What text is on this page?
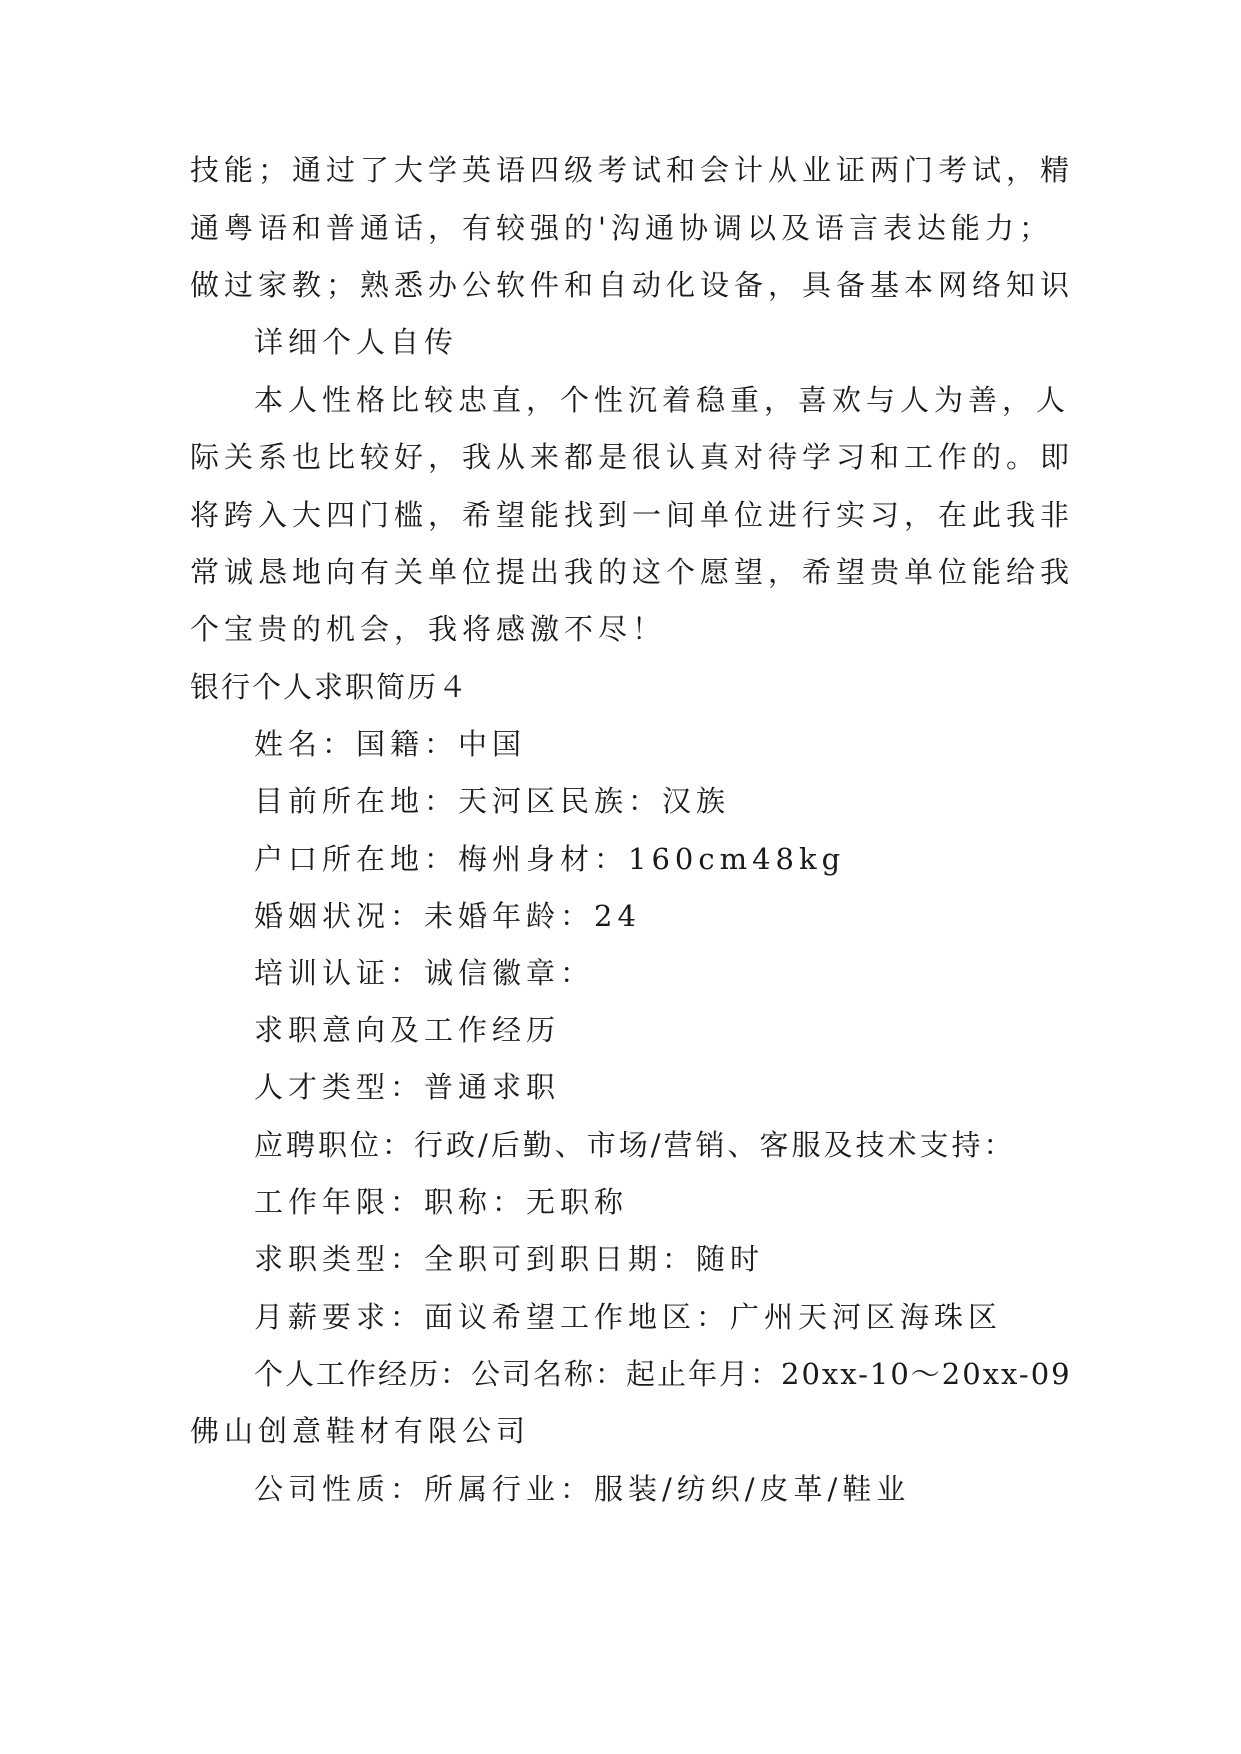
技能；通过了大学英语四级考试和会计从业证两门考试，精
通粤语和普通话，有较强的'沟通协调以及语言表达能力；
做过家教；熟悉办公软件和自动化设备，具备基本网络知识
详细个人自传
本人性格比较忠直，个性沉着稳重，喜欢与人为善，人
际关系也比较好，我从来都是很认真对待学习和工作的。即
将跨入大四门槛，希望能找到一间单位进行实习，在此我非
常诚恳地向有关单位提出我的这个愿望，希望贵单位能给我
个宝贵的机会，我将感激不尽！
银行个人求职简历４
姓名：国籍：中国
目前所在地：天河区民族：汉族
户口所在地：梅州身材：160cm48kg
婚姻状况：未婚年龄：24
培训认证：诚信徽章：
求职意向及工作经历
人才类型：普通求职
应聘职位：行政/后勤、市场/营销、客服及技术支持：
工作年限：职称：无职称
求职类型：全职可到职日期：随时
月薪要求：面议希望工作地区：广州天河区海珠区
个人工作经历：公司名称：起止年月：20xx-10～20xx-09
佛山创意鞋材有限公司
公司性质：所属行业：服装/纺织/皮革/鞋业
